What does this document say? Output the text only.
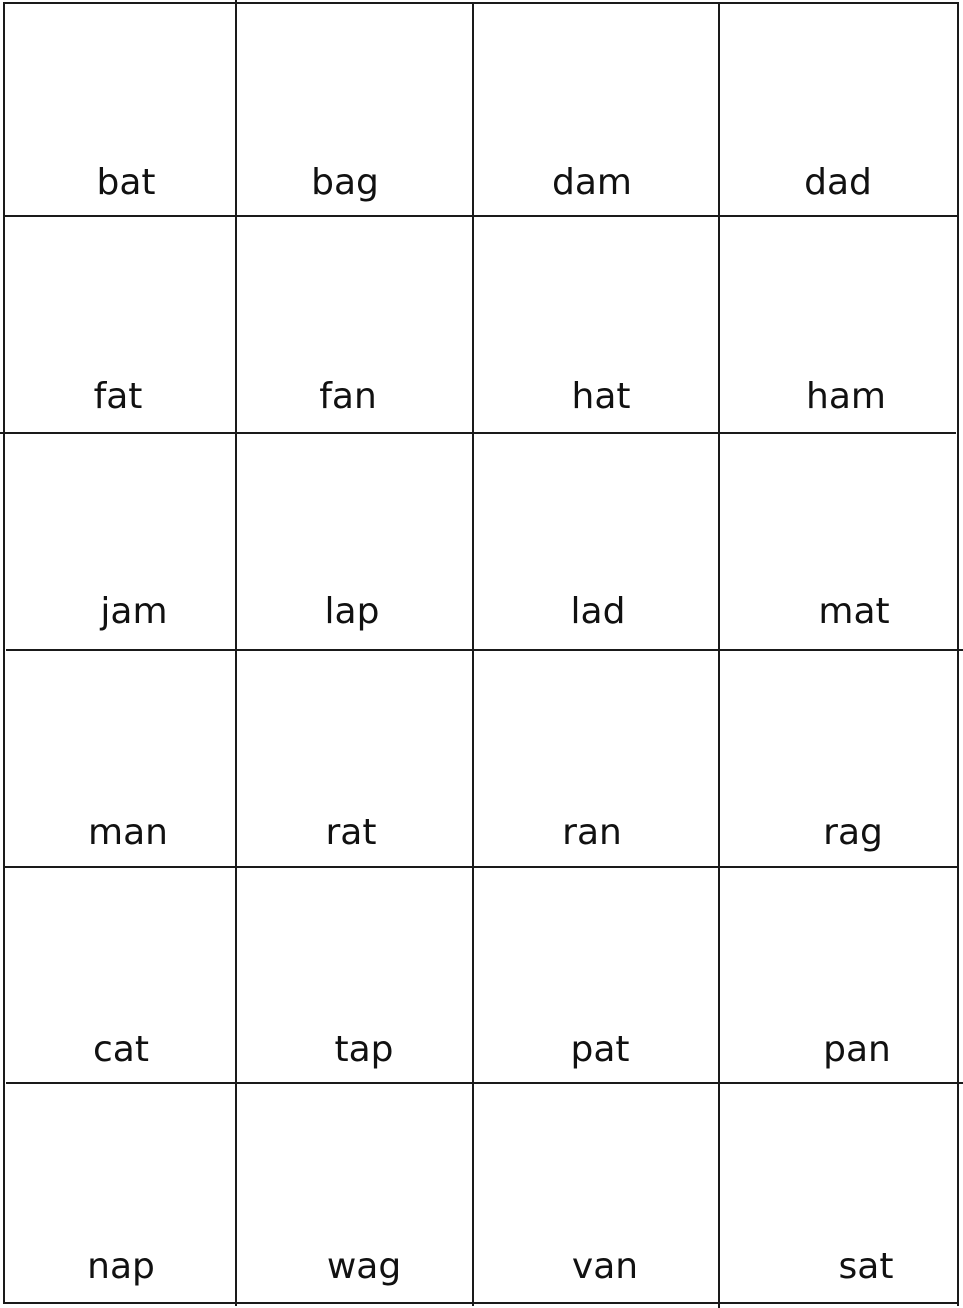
bat	bag	dam	dad
fat	fan	hat	ham
jam	lap	lad	mat
man	rat	ran	rag
cat	tap	pat	pan
nap	wag	van	sat
